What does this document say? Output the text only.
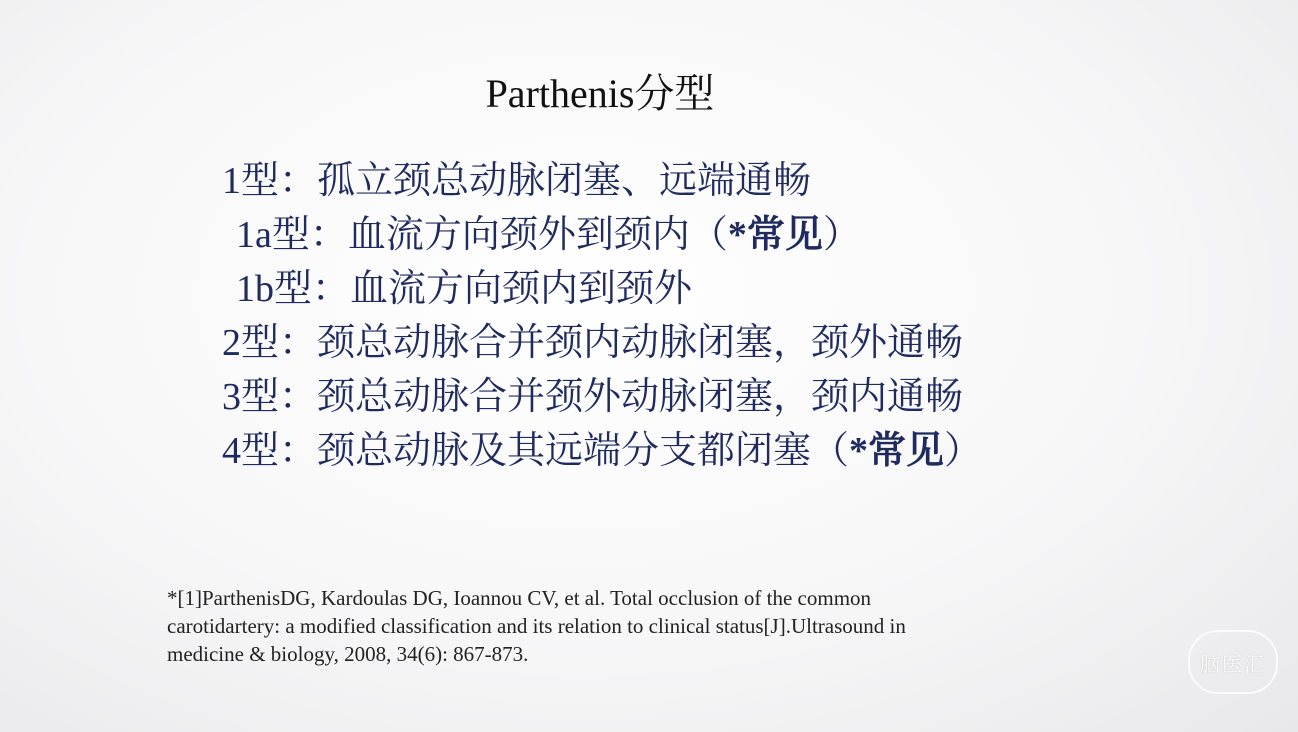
Parthenis分型
1型：孤立颈总动脉闭塞、远端通畅
1a型：血流方向颈外到颈内（*常见）
1b型：血流方向颈内到颈外
2型：颈总动脉合并颈内动脉闭塞，颈外通畅
3型：颈总动脉合并颈外动脉闭塞，颈内通畅
4型：颈总动脉及其远端分支都闭塞（*常见）
*[1]ParthenisDG, Kardoulas DG, Ioannou CV, et al. Total occlusion of the common
carotidartery: a modified classification and its relation to clinical status[J].Ultrasound in
medicine & biology, 2008, 34(6): 867-873.	脑医汇
